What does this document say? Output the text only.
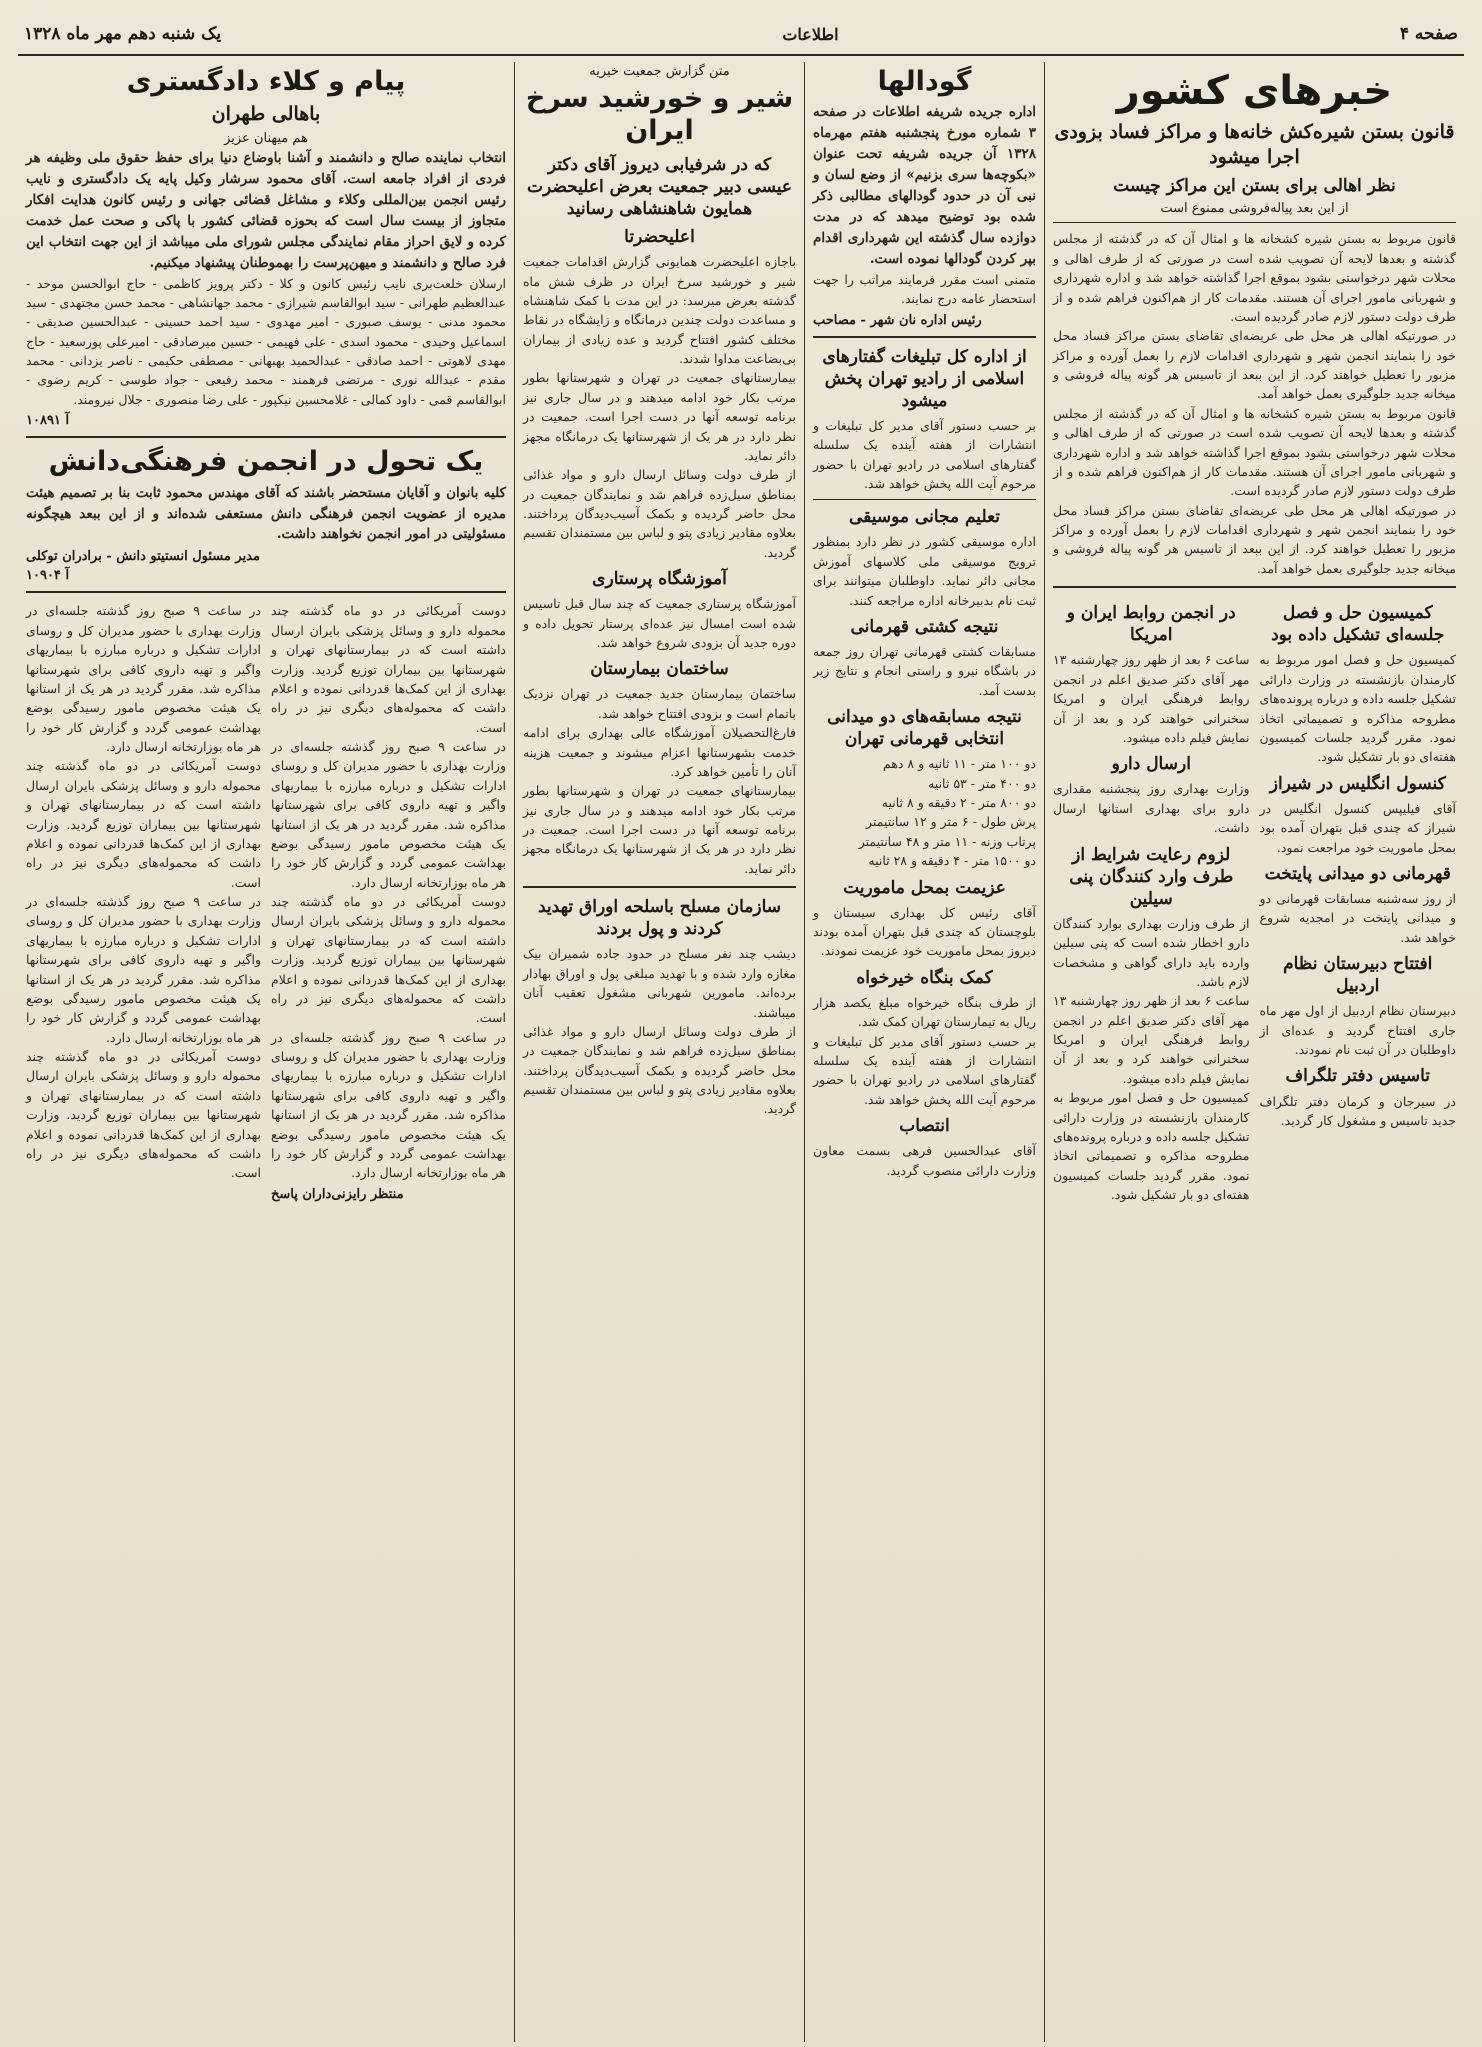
صفحه ۴
اطلاعات
یک شنبه دهم مهر ماه ۱۳۲۸
خبرهای کشور
قانون بستن شیره‌کش خانه‌ها و مراکز فساد بزودی اجرا میشود
نظر اهالی برای بستن این مراکز چیست
از این بعد پیاله‌فروشی ممنوع است
قانون مربوط به بستن شیره کشخانه ها و امثال آن که در گذشته از مجلس گذشته و بعدها لایحه آن تصویب شده است در صورتی که از طرف اهالی و محلات شهر درخواستی بشود بموقع اجرا گذاشته خواهد شد و اداره شهرداری و شهربانی مامور اجرای آن هستند. مقدمات کار از هم‌اکنون فراهم شده و از طرف دولت دستور لازم صادر گردیده است.
در صورتیکه اهالی هر محل طی عریضه‌ای تقاضای بستن مراکز فساد محل خود را بنمایند انجمن شهر و شهرداری اقدامات لازم را بعمل آورده و مراکز مزبور را تعطیل خواهند کرد. از این ببعد از تاسیس هر گونه پیاله فروشی و میخانه جدید جلوگیری بعمل خواهد آمد.
قانون مربوط به بستن شیره کشخانه ها و امثال آن که در گذشته از مجلس گذشته و بعدها لایحه آن تصویب شده است در صورتی که از طرف اهالی و محلات شهر درخواستی بشود بموقع اجرا گذاشته خواهد شد و اداره شهرداری و شهربانی مامور اجرای آن هستند. مقدمات کار از هم‌اکنون فراهم شده و از طرف دولت دستور لازم صادر گردیده است.
در صورتیکه اهالی هر محل طی عریضه‌ای تقاضای بستن مراکز فساد محل خود را بنمایند انجمن شهر و شهرداری اقدامات لازم را بعمل آورده و مراکز مزبور را تعطیل خواهند کرد. از این ببعد از تاسیس هر گونه پیاله فروشی و میخانه جدید جلوگیری بعمل خواهد آمد.
کمیسیون حل و فصل جلسه‌ای تشکیل داده بود
کمیسیون حل و فصل امور مربوط به کارمندان بازنشسته در وزارت دارائی تشکیل جلسه داده و درباره پرونده‌های مطروحه مذاکره و تصمیماتی اتخاذ نمود. مقرر گردید جلسات کمیسیون هفته‌ای دو بار تشکیل شود.
کنسول انگلیس در شیراز
آقای فیلیپس کنسول انگلیس در شیراز که چندی قبل بتهران آمده بود بمحل ماموریت خود مراجعت نمود.
قهرمانی دو میدانی پایتخت
از روز سه‌شنبه مسابقات قهرمانی دو و میدانی پایتخت در امجدیه شروع خواهد شد.
افتتاح دبیرستان نظام اردبیل
دبیرستان نظام اردبیل از اول مهر ماه جاری افتتاح گردید و عده‌ای از داوطلبان در آن ثبت نام نمودند.
تاسیس دفتر تلگراف
در سیرجان و کرمان دفتر تلگراف جدید تاسیس و مشغول کار گردید.
در انجمن روابط ایران و امریکا
ساعت ۶ بعد از ظهر روز چهارشنبه ۱۳ مهر آقای دکتر صدیق اعلم در انجمن روابط فرهنگی ایران و امریکا سخنرانی خواهند کرد و بعد از آن نمایش فیلم داده میشود.
ارسال دارو
وزارت بهداری روز پنجشنبه مقداری دارو برای بهداری استانها ارسال داشت.
لزوم رعایت شرایط از طرف وارد کنندگان پنی سیلین
از طرف وزارت بهداری بوارد کنندگان دارو اخطار شده است که پنی سیلین وارده باید دارای گواهی و مشخصات لازم باشد.
ساعت ۶ بعد از ظهر روز چهارشنبه ۱۳ مهر آقای دکتر صدیق اعلم در انجمن روابط فرهنگی ایران و امریکا سخنرانی خواهند کرد و بعد از آن نمایش فیلم داده میشود.
کمیسیون حل و فصل امور مربوط به کارمندان بازنشسته در وزارت دارائی تشکیل جلسه داده و درباره پرونده‌های مطروحه مذاکره و تصمیماتی اتخاذ نمود. مقرر گردید جلسات کمیسیون هفته‌ای دو بار تشکیل شود.
گودالها
اداره جریده شریفه اطلاعات در صفحه ۳ شماره مورخ پنجشنبه هفتم مهرماه ۱۳۲۸ آن جریده شریفه تحت عنوان «بکوچه‌ها سری بزنیم» از وضع لسان و نبی آن در حدود گودالهای مطالبی ذکر شده بود توضیح میدهد که در مدت دوازده سال گذشته این شهرداری اقدام بپر کردن گودالها نموده است.
متمنی است مقرر فرمایند مراتب را جهت استحضار عامه درج نمایند.
رئیس اداره نان شهر - مصاحب
از اداره کل تبلیغات گفتارهای اسلامی از رادیو تهران پخش میشود
بر حسب دستور آقای مدیر کل تبلیغات و انتشارات از هفته آینده یک سلسله گفتارهای اسلامی در رادیو تهران با حضور مرحوم آیت الله پخش خواهد شد.
تعلیم مجانی موسیقی
اداره موسیقی کشور در نظر دارد بمنظور ترویج موسیقی ملی کلاسهای آموزش مجانی دائر نماید. داوطلبان میتوانند برای ثبت نام بدبیرخانه اداره مراجعه کنند.
نتیجه کشتی قهرمانی
مسابقات کشتی قهرمانی تهران روز جمعه در باشگاه نیرو و راستی انجام و نتایج زیر بدست آمد.
نتیجه مسابقه‌های دو میدانی انتخابی قهرمانی تهران
دو ۱۰۰ متر - ۱۱ ثانیه و ۸ دهم
دو ۴۰۰ متر - ۵۳ ثانیه
دو ۸۰۰ متر - ۲ دقیقه و ۸ ثانیه
پرش طول - ۶ متر و ۱۲ سانتیمتر
پرتاب وزنه - ۱۱ متر و ۴۸ سانتیمتر
دو ۱۵۰۰ متر - ۴ دقیقه و ۲۸ ثانیه
عزیمت بمحل ماموریت
آقای رئیس کل بهداری سیستان و بلوچستان که چندی قبل بتهران آمده بودند دیروز بمحل ماموریت خود عزیمت نمودند.
کمک بنگاه خیرخواه
از طرف بنگاه خیرخواه مبلغ یکصد هزار ریال به تیمارستان تهران کمک شد.
بر حسب دستور آقای مدیر کل تبلیغات و انتشارات از هفته آینده یک سلسله گفتارهای اسلامی در رادیو تهران با حضور مرحوم آیت الله پخش خواهد شد.
انتصاب
آقای عبدالحسین فرهی بسمت معاون وزارت دارائی منصوب گردید.
متن گزارش جمعیت خیریه
شیر و خورشید سرخ ایران
که در شرفیابی دیروز آقای دکتر عیسی دبیر جمعیت بعرض اعلیحضرت همایون شاهنشاهی رسانید
اعلیحضرتا
باجازه اعلیحضرت همایونی گزارش اقدامات جمعیت شیر و خورشید سرخ ایران در ظرف شش ماه گذشته بعرض میرسد: در این مدت با کمک شاهنشاه و مساعدت دولت چندین درمانگاه و زایشگاه در نقاط مختلف کشور افتتاح گردید و عده زیادی از بیماران بی‌بضاعت مداوا شدند.
بیمارستانهای جمعیت در تهران و شهرستانها بطور مرتب بکار خود ادامه میدهند و در سال جاری نیز برنامه توسعه آنها در دست اجرا است. جمعیت در نظر دارد در هر یک از شهرستانها یک درمانگاه مجهز دائر نماید.
از طرف دولت وسائل ارسال دارو و مواد غذائی بمناطق سیل‌زده فراهم شد و نمایندگان جمعیت در محل حاضر گردیده و بکمک آسیب‌دیدگان پرداختند. بعلاوه مقادیر زیادی پتو و لباس بین مستمندان تقسیم گردید.
آموزشگاه پرستاری
آموزشگاه پرستاری جمعیت که چند سال قبل تاسیس شده است امسال نیز عده‌ای پرستار تحویل داده و دوره جدید آن بزودی شروع خواهد شد.
ساختمان بیمارستان
ساختمان بیمارستان جدید جمعیت در تهران نزدیک باتمام است و بزودی افتتاح خواهد شد.
فارغ‌التحصیلان آموزشگاه عالی بهداری برای ادامه خدمت بشهرستانها اعزام میشوند و جمعیت هزینه آنان را تأمین خواهد کرد.
بیمارستانهای جمعیت در تهران و شهرستانها بطور مرتب بکار خود ادامه میدهند و در سال جاری نیز برنامه توسعه آنها در دست اجرا است. جمعیت در نظر دارد در هر یک از شهرستانها یک درمانگاه مجهز دائر نماید.
سازمان مسلح باسلحه اوراق تهدید کردند و پول بردند
دیشب چند نفر مسلح در حدود جاده شمیران بیک مغازه وارد شده و با تهدید مبلغی پول و اوراق بهادار برده‌اند. مامورین شهربانی مشغول تعقیب آنان میباشند.
از طرف دولت وسائل ارسال دارو و مواد غذائی بمناطق سیل‌زده فراهم شد و نمایندگان جمعیت در محل حاضر گردیده و بکمک آسیب‌دیدگان پرداختند. بعلاوه مقادیر زیادی پتو و لباس بین مستمندان تقسیم گردید.
پیام و کلاء دادگستری
باهالی طهران
هم میهنان عزیز
انتخاب نماینده صالح و دانشمند و آشنا باوضاع دنیا برای حفظ حقوق ملی وظیفه هر فردی از افراد جامعه است. آقای محمود سرشار وکیل پایه یک دادگستری و نایب رئیس انجمن بین‌المللی وکلاء و مشاغل قضائی جهانی و رئیس کانون هدایت افکار متجاوز از بیست سال است که بحوزه قضائی کشور با پاکی و صحت عمل خدمت کرده و لایق احراز مقام نمایندگی مجلس شورای ملی میباشد از این جهت انتخاب این فرد صالح و دانشمند و میهن‌پرست را بهموطنان پیشنهاد میکنیم.
ارسلان خلعت‌بری نایب رئیس کانون و کلا - دکتر پرویز کاظمی - حاج ابوالحسن موحد - عبدالعظیم طهرانی - سید ابوالقاسم شیرازی - محمد جهانشاهی - محمد حسن مجتهدی - سید محمود مدنی - یوسف صبوری - امیر مهدوی - سید احمد حسینی - عبدالحسین صدیقی - اسماعیل وحیدی - محمود اسدی - علی فهیمی - حسین میرصادقی - امیرعلی پورسعید - حاج مهدی لاهوتی - احمد صادقی - عبدالحمید بهبهانی - مصطفی حکیمی - ناصر یزدانی - محمد مقدم - عبدالله نوری - مرتضی فرهمند - محمد رفیعی - جواد طوسی - کریم رضوی - ابوالقاسم قمی - داود کمالی - غلامحسین نیکپور - علی رضا منصوری - جلال نیرومند.
آ ۱۰۸۹۱
یک تحول در انجمن فرهنگی‌دانش
کلیه بانوان و آقایان مستحضر باشند که آقای مهندس محمود ثابت بنا بر تصمیم هیئت مدیره از عضویت انجمن فرهنگی دانش مستعفی شده‌اند و از این ببعد هیچگونه مسئولیتی در امور انجمن نخواهند داشت.
مدیر مسئول انستیتو دانش - برادران توکلی
آ ۱۰۹۰۴
دوست آمریکائی در دو ماه گذشته چند محموله دارو و وسائل پزشکی بایران ارسال داشته است که در بیمارستانهای تهران و شهرستانها بین بیماران توزیع گردید. وزارت بهداری از این کمک‌ها قدردانی نموده و اعلام داشت که محموله‌های دیگری نیز در راه است.
در ساعت ۹ صبح روز گذشته جلسه‌ای در وزارت بهداری با حضور مدیران کل و روسای ادارات تشکیل و درباره مبارزه با بیماریهای واگیر و تهیه داروی کافی برای شهرستانها مذاکره شد. مقرر گردید در هر یک از استانها یک هیئت مخصوص مامور رسیدگی بوضع بهداشت عمومی گردد و گزارش کار خود را هر ماه بوزارتخانه ارسال دارد.
دوست آمریکائی در دو ماه گذشته چند محموله دارو و وسائل پزشکی بایران ارسال داشته است که در بیمارستانهای تهران و شهرستانها بین بیماران توزیع گردید. وزارت بهداری از این کمک‌ها قدردانی نموده و اعلام داشت که محموله‌های دیگری نیز در راه است.
در ساعت ۹ صبح روز گذشته جلسه‌ای در وزارت بهداری با حضور مدیران کل و روسای ادارات تشکیل و درباره مبارزه با بیماریهای واگیر و تهیه داروی کافی برای شهرستانها مذاکره شد. مقرر گردید در هر یک از استانها یک هیئت مخصوص مامور رسیدگی بوضع بهداشت عمومی گردد و گزارش کار خود را هر ماه بوزارتخانه ارسال دارد.
منتظر رایزنی‌داران پاسخ
در ساعت ۹ صبح روز گذشته جلسه‌ای در وزارت بهداری با حضور مدیران کل و روسای ادارات تشکیل و درباره مبارزه با بیماریهای واگیر و تهیه داروی کافی برای شهرستانها مذاکره شد. مقرر گردید در هر یک از استانها یک هیئت مخصوص مامور رسیدگی بوضع بهداشت عمومی گردد و گزارش کار خود را هر ماه بوزارتخانه ارسال دارد.
دوست آمریکائی در دو ماه گذشته چند محموله دارو و وسائل پزشکی بایران ارسال داشته است که در بیمارستانهای تهران و شهرستانها بین بیماران توزیع گردید. وزارت بهداری از این کمک‌ها قدردانی نموده و اعلام داشت که محموله‌های دیگری نیز در راه است.
در ساعت ۹ صبح روز گذشته جلسه‌ای در وزارت بهداری با حضور مدیران کل و روسای ادارات تشکیل و درباره مبارزه با بیماریهای واگیر و تهیه داروی کافی برای شهرستانها مذاکره شد. مقرر گردید در هر یک از استانها یک هیئت مخصوص مامور رسیدگی بوضع بهداشت عمومی گردد و گزارش کار خود را هر ماه بوزارتخانه ارسال دارد.
دوست آمریکائی در دو ماه گذشته چند محموله دارو و وسائل پزشکی بایران ارسال داشته است که در بیمارستانهای تهران و شهرستانها بین بیماران توزیع گردید. وزارت بهداری از این کمک‌ها قدردانی نموده و اعلام داشت که محموله‌های دیگری نیز در راه است.
